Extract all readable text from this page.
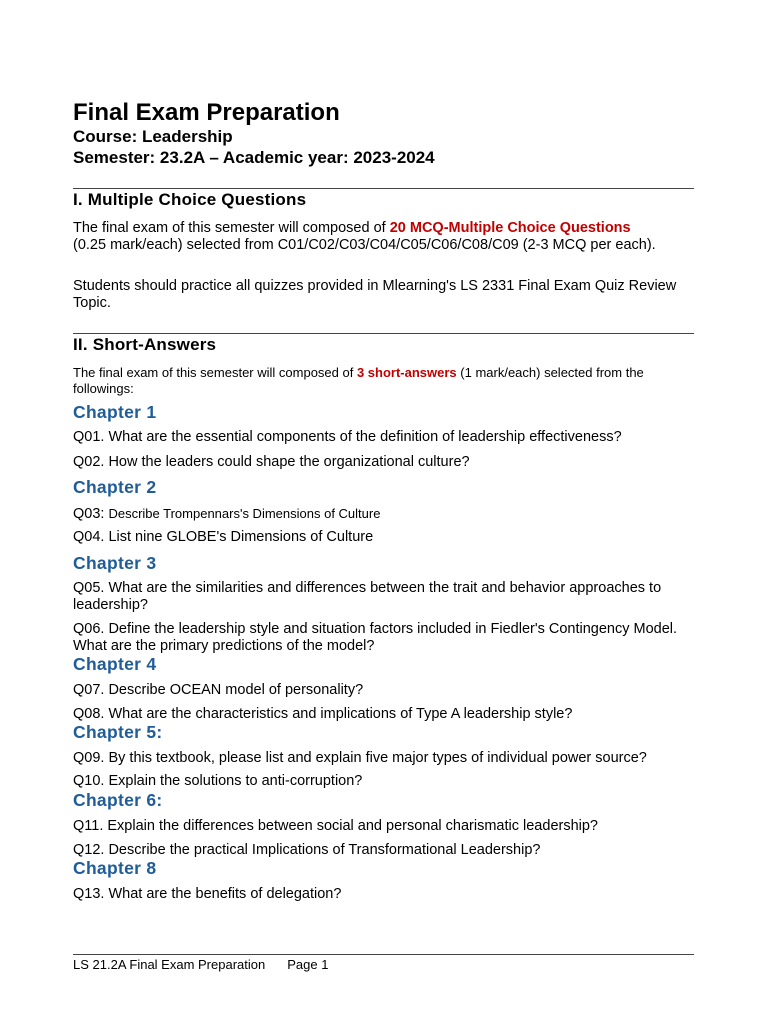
Final Exam Preparation
Course: Leadership
Semester: 23.2A – Academic year: 2023-2024
I. Multiple Choice Questions
The final exam of this semester will composed of 20 MCQ-Multiple Choice Questions
(0.25 mark/each) selected from C01/C02/C03/C04/C05/C06/C08/C09 (2-3 MCQ per each).
Students should practice all quizzes provided in Mlearning's LS 2331 Final Exam Quiz Review Topic.
II. Short-Answers
The final exam of this semester will composed of 3 short-answers (1 mark/each) selected from the followings:
Chapter 1
Q01. What are the essential components of the definition of leadership effectiveness?
Q02. How the leaders could shape the organizational culture?
Chapter 2
Q03: Describe Trompennars's Dimensions of Culture
Q04. List nine GLOBE's Dimensions of Culture
Chapter 3
Q05. What are the similarities and differences between the trait and behavior approaches to leadership?
Q06. Define the leadership style and situation factors included in Fiedler's Contingency Model. What are the primary predictions of the model?
Chapter 4
Q07. Describe OCEAN model of personality?
Q08. What are the characteristics and implications of Type A leadership style?
Chapter 5:
Q09. By this textbook, please list and explain five major types of individual power source?
Q10. Explain the solutions to anti-corruption?
Chapter 6:
Q11. Explain the differences between social and personal charismatic leadership?
Q12. Describe the practical Implications of Transformational Leadership?
Chapter 8
Q13. What are the benefits of delegation?
LS 21.2A Final Exam Preparation Page 1
